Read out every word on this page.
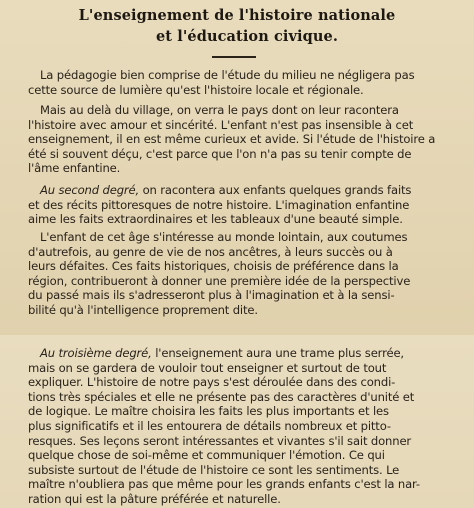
L'enseignement de l'histoire nationale
et l'éducation civique.

La pédagogie bien comprise de l'étude du milieu ne négligera pas
cette source de lumière qu'est l'histoire locale et régionale.

Mais au delà du village, on verra le pays dont on leur racontera
l'histoire avec amour et sincérité. L'enfant n'est pas insensible à cet
enseignement, il en est même curieux et avide. Si l'étude de l'histoire a
été si souvent déçu, c'est parce que l'on n'a pas su tenir compte de
l'âme enfantine.

Au second degré, on racontera aux enfants quelques grands faits
et des récits pittoresques de notre histoire. L'imagination enfantine
aime les faits extraordinaires et les tableaux d'une beauté simple.

L'enfant de cet âge s'intéresse au monde lointain, aux coutumes
d'autrefois, au genre de vie de nos ancêtres, à leurs succès ou à
leurs défaites. Ces faits historiques, choisis de préférence dans la
région, contribueront à donner une première idée de la perspective
du passé mais ils s'adresseront plus à l'imagination et à la sensi-
bilité qu'à l'intelligence proprement dite.

Au troisième degré, l'enseignement aura une trame plus serrée,
mais on se gardera de vouloir tout enseigner et surtout de tout
expliquer. L'histoire de notre pays s'est déroulée dans des condi-
tions très spéciales et elle ne présente pas des caractères d'unité et
de logique. Le maître choisira les faits les plus importants et les
plus significatifs et il les entourera de détails nombreux et pitto-
resques. Ses leçons seront intéressantes et vivantes s'il sait donner
quelque chose de soi-même et communiquer l'émotion. Ce qui
subsiste surtout de l'étude de l'histoire ce sont les sentiments. Le
maître n'oubliera pas que même pour les grands enfants c'est la nar-
ration qui est la pâture préférée et naturelle.
